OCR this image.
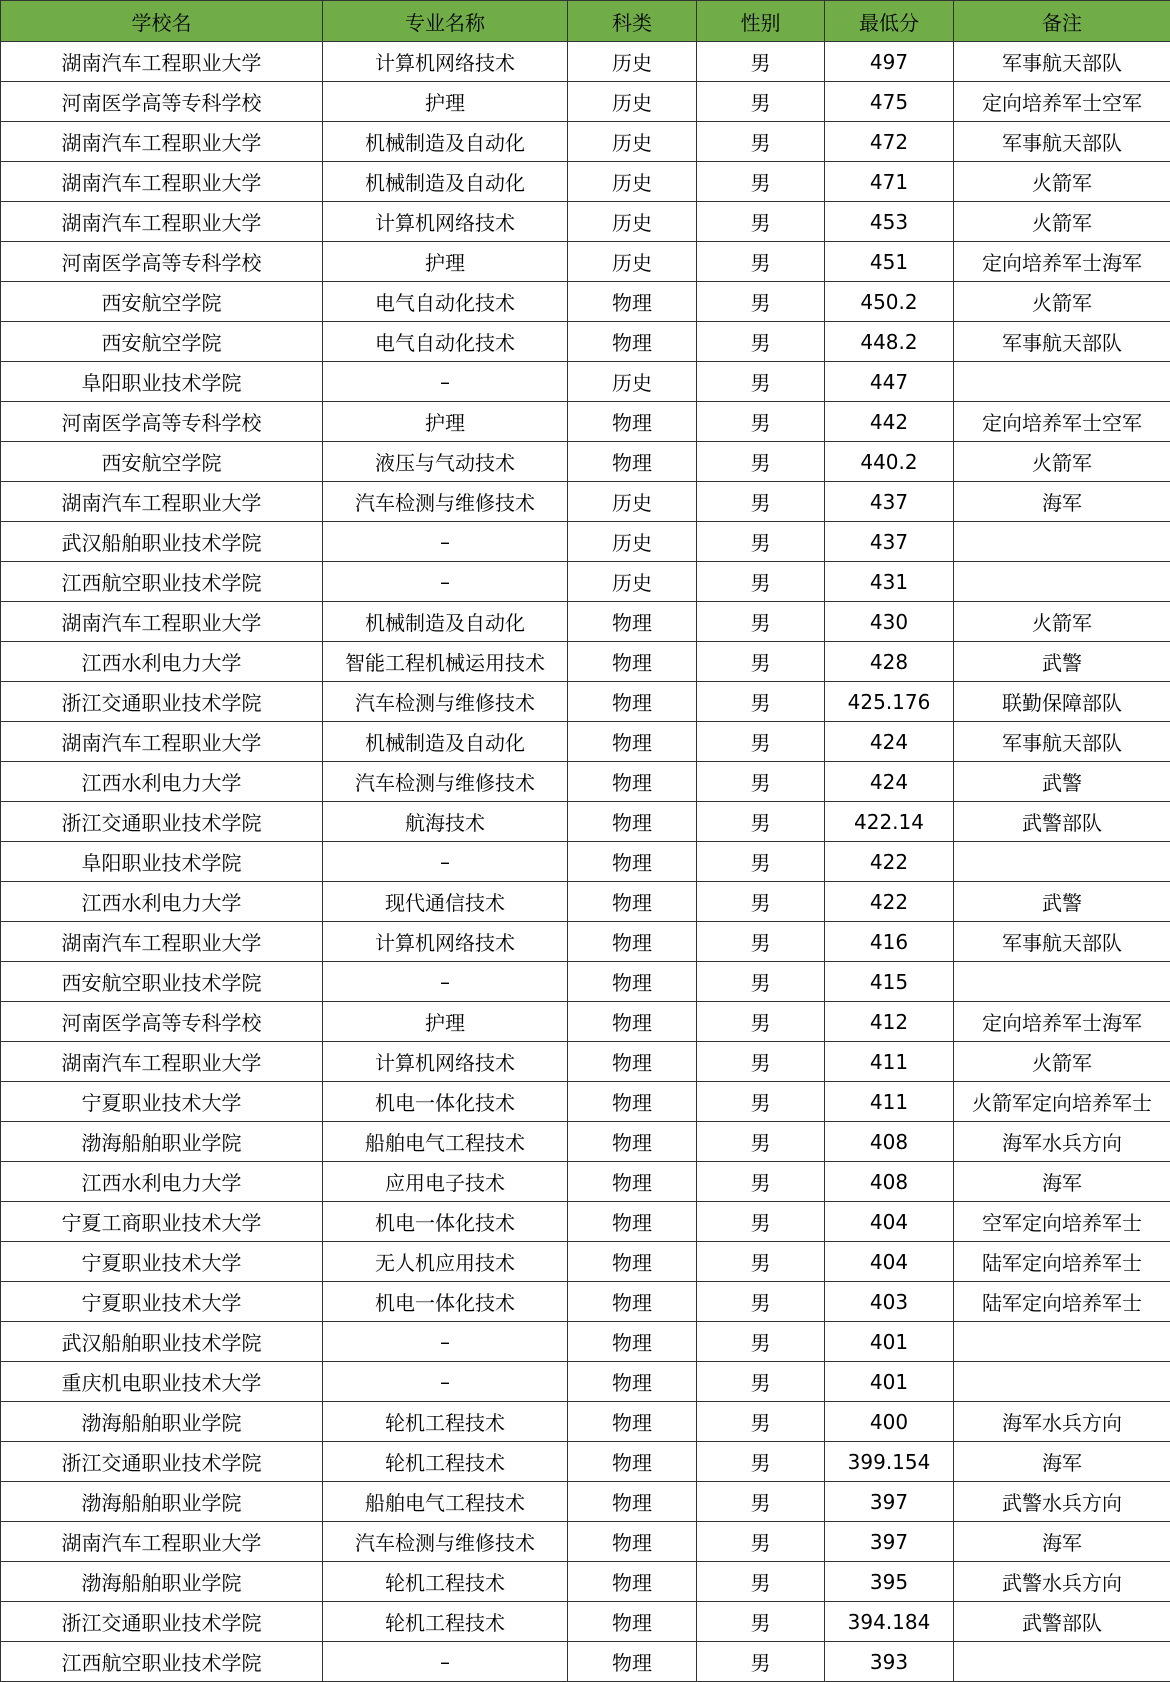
学校名	专业名称	科类	性别	最低分	备注
湖南汽车工程职业大学	计算机网络技术	历史	男	497	军事航天部队
河南医学高等专科学校	护理	历史	男	475	定向培养军士空军
湖南汽车工程职业大学	机械制造及自动化	历史	男	472	军事航天部队
湖南汽车工程职业大学	机械制造及自动化	历史	男	471	火箭军
湖南汽车工程职业大学	计算机网络技术	历史	男	453	火箭军
河南医学高等专科学校	护理	历史	男	451	定向培养军士海军
西安航空学院	电气自动化技术	物理	男	450.2	火箭军
西安航空学院	电气自动化技术	物理	男	448.2	军事航天部队
阜阳职业技术学院	–	历史	男	447	
河南医学高等专科学校	护理	物理	男	442	定向培养军士空军
西安航空学院	液压与气动技术	物理	男	440.2	火箭军
湖南汽车工程职业大学	汽车检测与维修技术	历史	男	437	海军
武汉船舶职业技术学院	–	历史	男	437	
江西航空职业技术学院	–	历史	男	431	
湖南汽车工程职业大学	机械制造及自动化	物理	男	430	火箭军
江西水利电力大学	智能工程机械运用技术	物理	男	428	武警
浙江交通职业技术学院	汽车检测与维修技术	物理	男	425.176	联勤保障部队
湖南汽车工程职业大学	机械制造及自动化	物理	男	424	军事航天部队
江西水利电力大学	汽车检测与维修技术	物理	男	424	武警
浙江交通职业技术学院	航海技术	物理	男	422.14	武警部队
阜阳职业技术学院	–	物理	男	422	
江西水利电力大学	现代通信技术	物理	男	422	武警
湖南汽车工程职业大学	计算机网络技术	物理	男	416	军事航天部队
西安航空职业技术学院	–	物理	男	415	
河南医学高等专科学校	护理	物理	男	412	定向培养军士海军
湖南汽车工程职业大学	计算机网络技术	物理	男	411	火箭军
宁夏职业技术大学	机电一体化技术	物理	男	411	火箭军定向培养军士
渤海船舶职业学院	船舶电气工程技术	物理	男	408	海军水兵方向
江西水利电力大学	应用电子技术	物理	男	408	海军
宁夏工商职业技术大学	机电一体化技术	物理	男	404	空军定向培养军士
宁夏职业技术大学	无人机应用技术	物理	男	404	陆军定向培养军士
宁夏职业技术大学	机电一体化技术	物理	男	403	陆军定向培养军士
武汉船舶职业技术学院	–	物理	男	401	
重庆机电职业技术大学	–	物理	男	401	
渤海船舶职业学院	轮机工程技术	物理	男	400	海军水兵方向
浙江交通职业技术学院	轮机工程技术	物理	男	399.154	海军
渤海船舶职业学院	船舶电气工程技术	物理	男	397	武警水兵方向
湖南汽车工程职业大学	汽车检测与维修技术	物理	男	397	海军
渤海船舶职业学院	轮机工程技术	物理	男	395	武警水兵方向
浙江交通职业技术学院	轮机工程技术	物理	男	394.184	武警部队
江西航空职业技术学院	–	物理	男	393	
